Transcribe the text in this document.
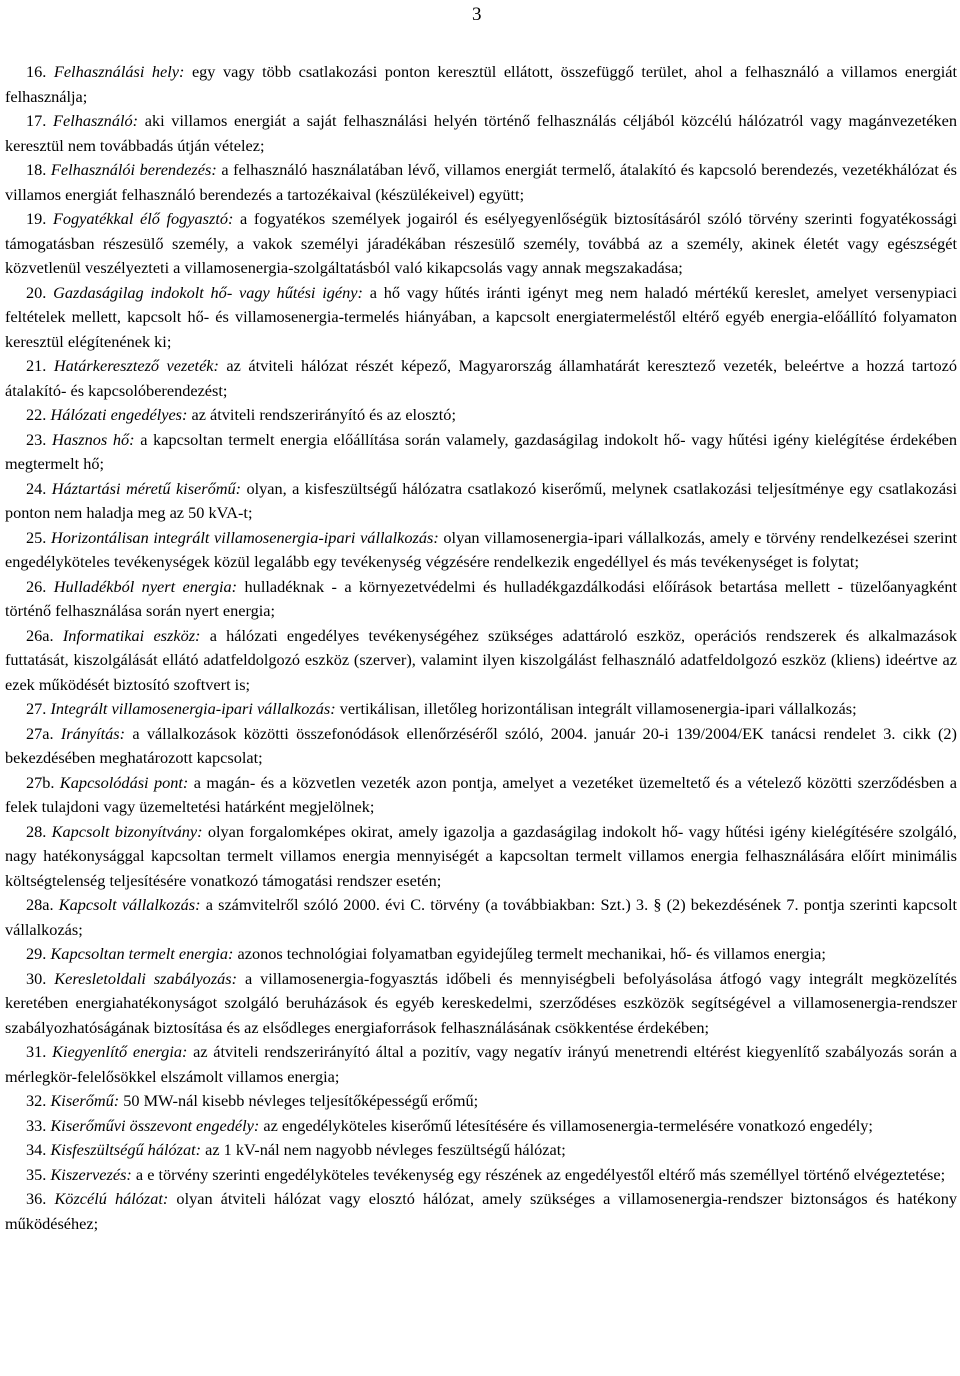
3

16. Felhasználási hely: egy vagy több csatlakozási ponton keresztül ellátott, összefüggő terület, ahol a felhasználó a villamos energiát felhasználja;

17. Felhasználó: aki villamos energiát a saját felhasználási helyén történő felhasználás céljából közcélú hálózatról vagy magánvezetéken keresztül nem továbbadás útján vételez;

18. Felhasználói berendezés: a felhasználó használatában lévő, villamos energiát termelő, átalakító és kapcsoló berendezés, vezetékhálózat és villamos energiát felhasználó berendezés a tartozékaival (készülékeivel) együtt;

19. Fogyatékkal élő fogyasztó: a fogyatékos személyek jogairól és esélyegyenlőségük biztosításáról szóló törvény szerinti fogyatékossági támogatásban részesülő személy, a vakok személyi járadékában részesülő személy, továbbá az a személy, akinek életét vagy egészségét közvetlenül veszélyezteti a villamosenergia-szolgáltatásból való kikapcsolás vagy annak megszakadása;

20. Gazdaságilag indokolt hő- vagy hűtési igény: a hő vagy hűtés iránti igényt meg nem haladó mértékű kereslet, amelyet versenypiaci feltételek mellett, kapcsolt hő- és villamosenergia-termelés hiányában, a kapcsolt energiatermeléstől eltérő egyéb energia-előállító folyamaton keresztül elégítenének ki;

21. Határkeresztező vezeték: az átviteli hálózat részét képező, Magyarország államhatárát keresztező vezeték, beleértve a hozzá tartozó átalakító- és kapcsolóberendezést;

22. Hálózati engedélyes: az átviteli rendszerirányító és az elosztó;

23. Hasznos hő: a kapcsoltan termelt energia előállítása során valamely, gazdaságilag indokolt hő- vagy hűtési igény kielégítése érdekében megtermelt hő;

24. Háztartási méretű kiserőmű: olyan, a kisfeszültségű hálózatra csatlakozó kiserőmű, melynek csatlakozási teljesítménye egy csatlakozási ponton nem haladja meg az 50 kVA-t;

25. Horizontálisan integrált villamosenergia-ipari vállalkozás: olyan villamosenergia-ipari vállalkozás, amely e törvény rendelkezései szerint engedélyköteles tevékenységek közül legalább egy tevékenység végzésére rendelkezik engedéllyel és más tevékenységet is folytat;

26. Hulladékból nyert energia: hulladéknak - a környezetvédelmi és hulladékgazdálkodási előírások betartása mellett - tüzelőanyagként történő felhasználása során nyert energia;

26a. Informatikai eszköz: a hálózati engedélyes tevékenységéhez szükséges adattároló eszköz, operációs rendszerek és alkalmazások futtatását, kiszolgálását ellátó adatfeldolgozó eszköz (szerver), valamint ilyen kiszolgálást felhasználó adatfeldolgozó eszköz (kliens) ideértve az ezek működését biztosító szoftvert is;

27. Integrált villamosenergia-ipari vállalkozás: vertikálisan, illetőleg horizontálisan integrált villamosenergia-ipari vállalkozás;

27a. Irányítás: a vállalkozások közötti összefonódások ellenőrzéséről szóló, 2004. január 20-i 139/2004/EK tanácsi rendelet 3. cikk (2) bekezdésében meghatározott kapcsolat;

27b. Kapcsolódási pont: a magán- és a közvetlen vezeték azon pontja, amelyet a vezetéket üzemeltető és a vételező közötti szerződésben a felek tulajdoni vagy üzemeltetési határként megjelölnek;

28. Kapcsolt bizonyítvány: olyan forgalomképes okirat, amely igazolja a gazdaságilag indokolt hő- vagy hűtési igény kielégítésére szolgáló, nagy hatékonysággal kapcsoltan termelt villamos energia mennyiségét a kapcsoltan termelt villamos energia felhasználására előírt minimális költségtelenség teljesítésére vonatkozó támogatási rendszer esetén;

28a. Kapcsolt vállalkozás: a számvitelről szóló 2000. évi C. törvény (a továbbiakban: Szt.) 3. § (2) bekezdésének 7. pontja szerinti kapcsolt vállalkozás;

29. Kapcsoltan termelt energia: azonos technológiai folyamatban egyidejűleg termelt mechanikai, hő- és villamos energia;

30. Keresletoldali szabályozás: a villamosenergia-fogyasztás időbeli és mennyiségbeli befolyásolása átfogó vagy integrált megközelítés keretében energiahatékonyságot szolgáló beruházások és egyéb kereskedelmi, szerződéses eszközök segítségével a villamosenergia-rendszer szabályozhatóságának biztosítása és az elsődleges energiaforrások felhasználásának csökkentése érdekében;

31. Kiegyenlítő energia: az átviteli rendszerirányító által a pozitív, vagy negatív irányú menetrendi eltérést kiegyenlítő szabályozás során a mérlegkör-felelősökkel elszámolt villamos energia;

32. Kiserőmű: 50 MW-nál kisebb névleges teljesítőképességű erőmű;

33. Kiserőművi összevont engedély: az engedélyköteles kiserőmű létesítésére és villamosenergia-termelésére vonatkozó engedély;

34. Kisfeszültségű hálózat: az 1 kV-nál nem nagyobb névleges feszültségű hálózat;

35. Kiszervezés: a e törvény szerinti engedélyköteles tevékenység egy részének az engedélyestől eltérő más személlyel történő elvégeztetése;

36. Közcélú hálózat: olyan átviteli hálózat vagy elosztó hálózat, amely szükséges a villamosenergia-rendszer biztonságos és hatékony működéséhez;
